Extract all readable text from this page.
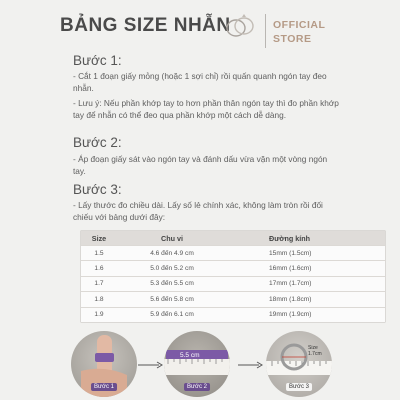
BẢNG SIZE NHẪN	OFFICIAL
STORE
Bước 1:
- Cắt 1 đoạn giấy mỏng (hoặc 1 sợi chỉ) rồi quấn quanh ngón tay đeo nhẫn.
- Lưu ý: Nếu phần khớp tay to hơn phần thân ngón tay thì đo phần khớp tay để nhẫn có thể đeo qua phần khớp một cách dễ dàng.
Bước 2:
- Áp đoạn giấy sát vào ngón tay và đánh dấu vừa vặn một vòng ngón tay.
Bước 3:
- Lấy thước đo chiều dài. Lấy số lẻ chính xác, không làm tròn rồi đối chiếu với bảng dưới đây:
Size	Chu vi	Đường kính
1.5	4.6 đến 4.9 cm	15mm (1.5cm)
1.6	5.0 đến 5.2 cm	16mm (1.6cm)
1.7	5.3 đến 5.5 cm	17mm (1.7cm)
1.8	5.6 đến 5.8 cm	18mm (1.8cm)
1.9	5.9 đến 6.1 cm	19mm (1.9cm)
Bước 1
5.5 cm
Bước 2
Size
1.7cm
Bước 3
